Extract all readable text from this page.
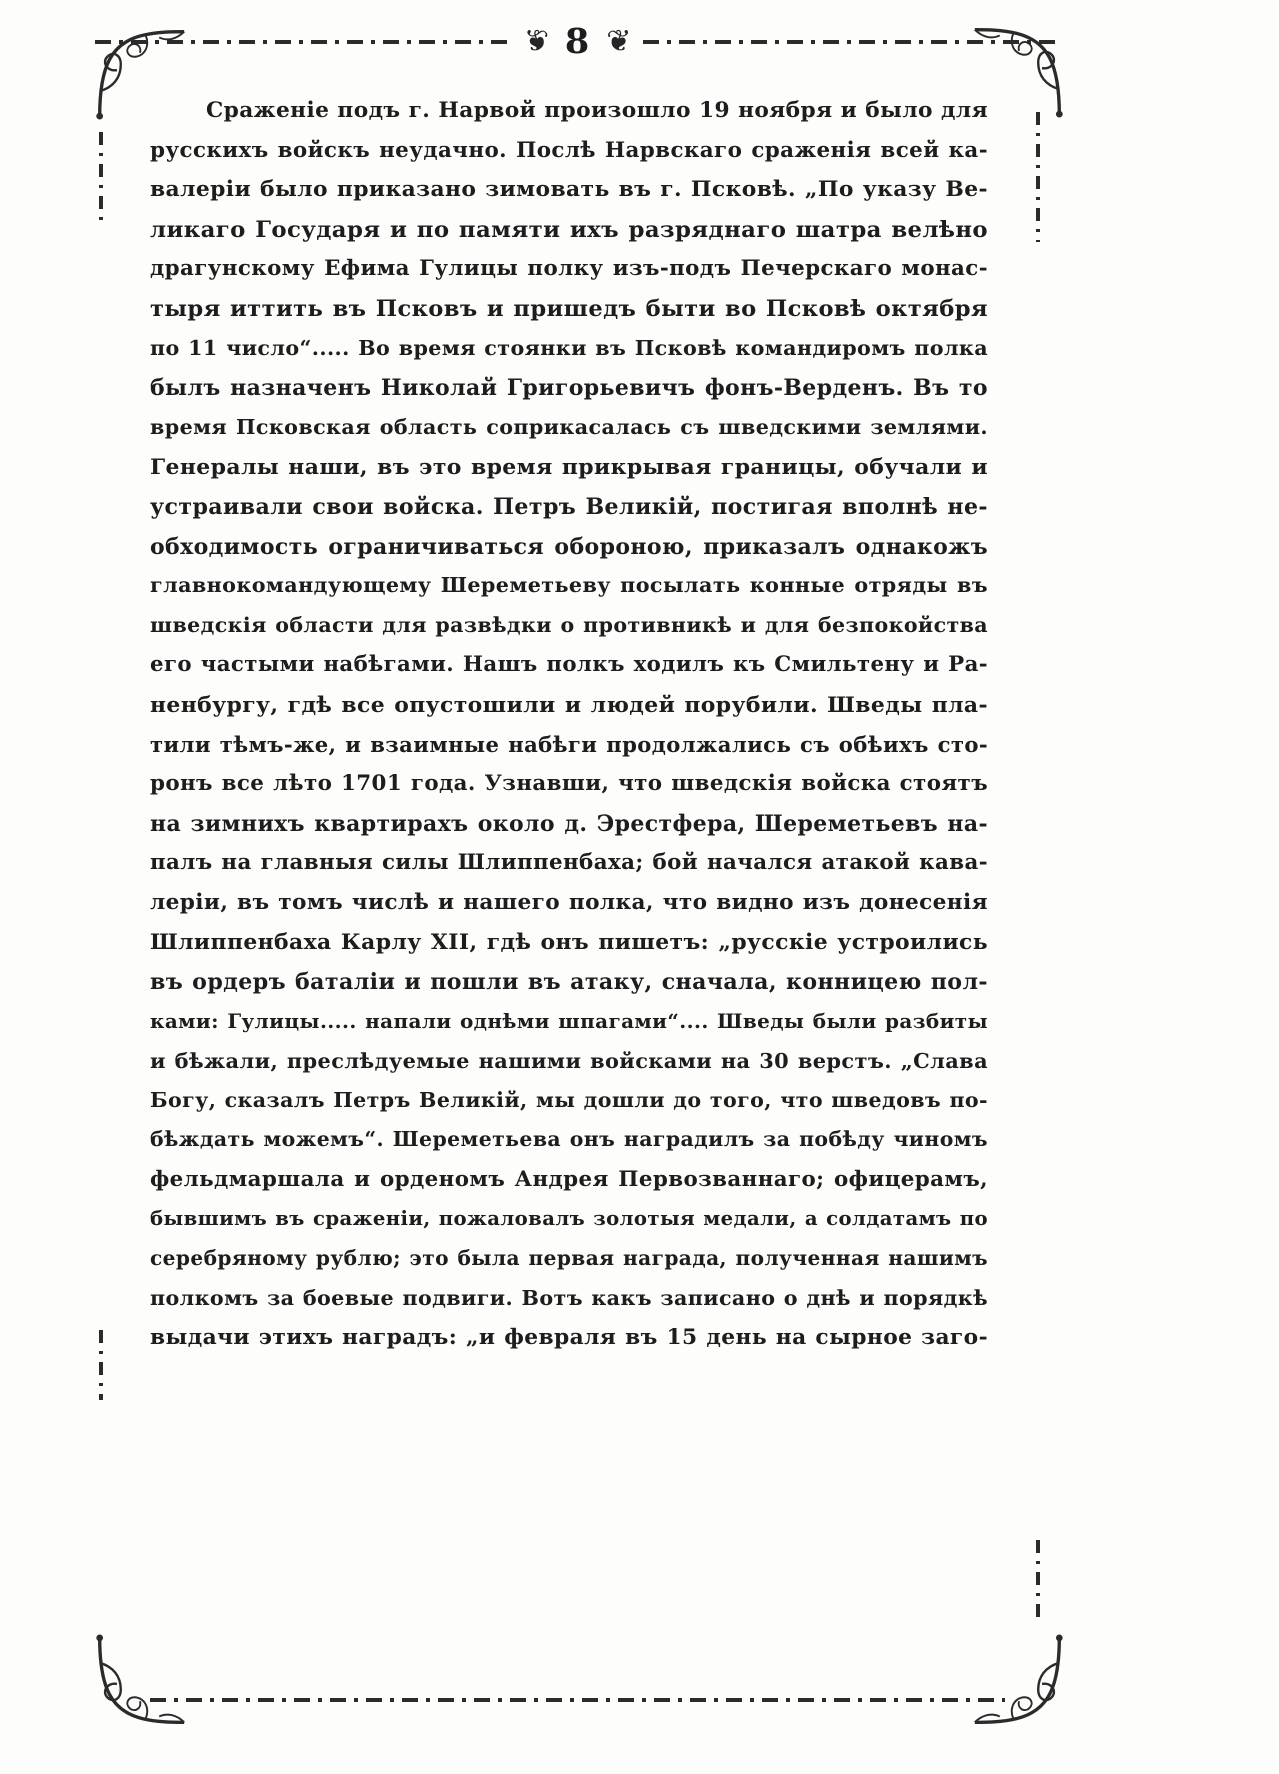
❦ 8 ❦
Сраженіе подъ г. Нарвой произошло 19 ноября и было для
русскихъ войскъ неудачно. Послѣ Нарвскаго сраженія всей ка-
валеріи было приказано зимовать въ г. Псковѣ. „По указу Ве-
ликаго Государя и по памяти ихъ разряднаго шатра велѣно
драгунскому Ефима Гулицы полку изъ-подъ Печерскаго монас-
тыря иттить въ Псковъ и пришедъ быти во Псковѣ октября
по 11 число“..... Во время стоянки въ Псковѣ командиромъ полка
былъ назначенъ Николай Григорьевичъ фонъ-Верденъ. Въ то
время Псковская область соприкасалась съ шведскими землями.
Генералы наши, въ это время прикрывая границы, обучали и
устраивали свои войска. Петръ Великій, постигая вполнѣ не-
обходимость ограничиваться обороною, приказалъ однакожъ
главнокомандующему Шереметьеву посылать конные отряды въ
шведскія области для развѣдки о противникѣ и для безпокойства
его частыми набѣгами. Нашъ полкъ ходилъ къ Смильтену и Ра-
ненбургу, гдѣ все опустошили и людей порубили. Шведы пла-
тили тѣмъ-же, и взаимные набѣги продолжались съ обѣихъ сто-
ронъ все лѣто 1701 года. Узнавши, что шведскія войска стоятъ
на зимнихъ квартирахъ около д. Эрестфера, Шереметьевъ на-
палъ на главныя силы Шлиппенбаха; бой начался атакой кава-
леріи, въ томъ числѣ и нашего полка, что видно изъ донесенія
Шлиппенбаха Карлу XII, гдѣ онъ пишетъ: „русскіе устроились
въ ордеръ баталіи и пошли въ атаку, сначала, конницею пол-
ками: Гулицы..... напали однѣми шпагами“.... Шведы были разбиты
и бѣжали, преслѣдуемые нашими войсками на 30 верстъ. „Слава
Богу, сказалъ Петръ Великій, мы дошли до того, что шведовъ по-
бѣждать можемъ“. Шереметьева онъ наградилъ за побѣду чиномъ
фельдмаршала и орденомъ Андрея Первозваннаго; офицерамъ,
бывшимъ въ сраженіи, пожаловалъ золотыя медали, а солдатамъ по
серебряному рублю; это была первая награда, полученная нашимъ
полкомъ за боевые подвиги. Вотъ какъ записано о днѣ и порядкѣ
выдачи этихъ наградъ: „и февраля въ 15 день на сырное заго-
